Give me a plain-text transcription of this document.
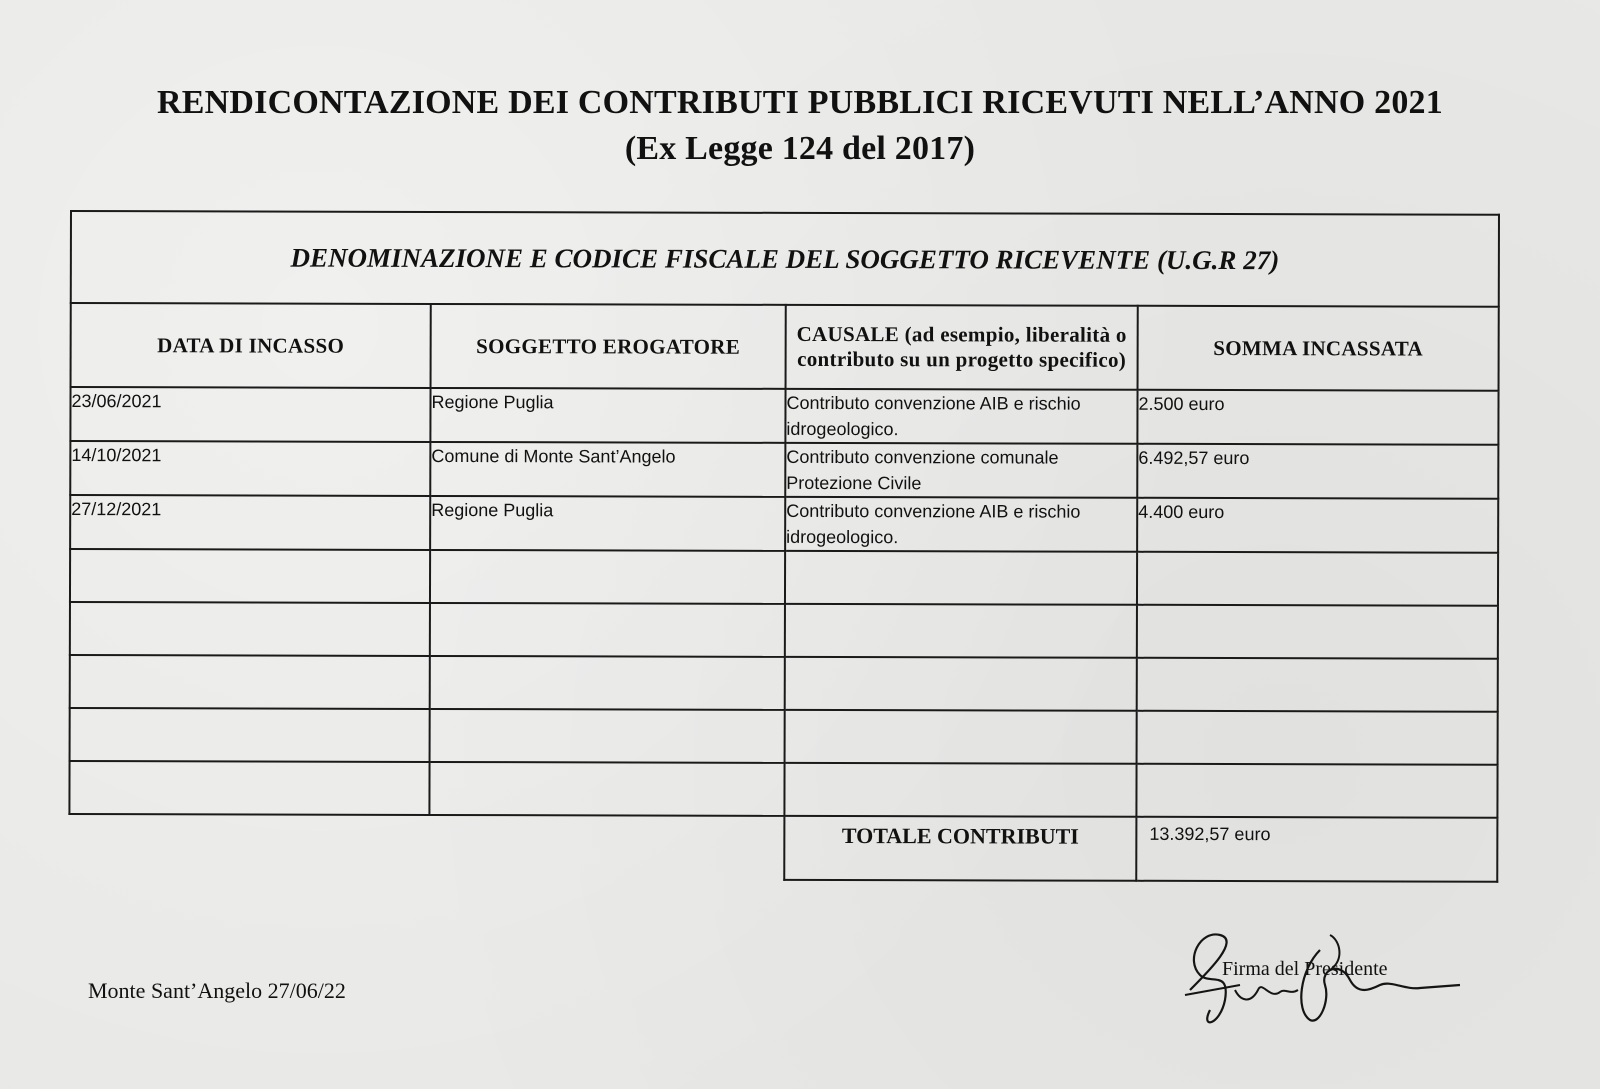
RENDICONTAZIONE DEI CONTRIBUTI PUBBLICI RICEVUTI NELL’ANNO 2021
(Ex Legge 124 del 2017)
DENOMINAZIONE E CODICE FISCALE DEL SOGGETTO RICEVENTE (U.G.R 27)			
DATA DI INCASSO	SOGGETTO EROGATORE	CAUSALE (ad esempio, liberalità o contributo su un progetto specifico)	SOMMA INCASSATA
23/06/2021	Regione Puglia	Contributo convenzione AIB e rischio idrogeologico.	2.500 euro
14/10/2021	Comune di Monte Sant’Angelo	Contributo convenzione comunale Protezione Civile	6.492,57 euro
27/12/2021	Regione Puglia	Contributo convenzione AIB e rischio idrogeologico.	4.400 euro

		TOTALE CONTRIBUTI	13.392,57 euro
Monte Sant’Angelo 27/06/22
Firma del Presidente
